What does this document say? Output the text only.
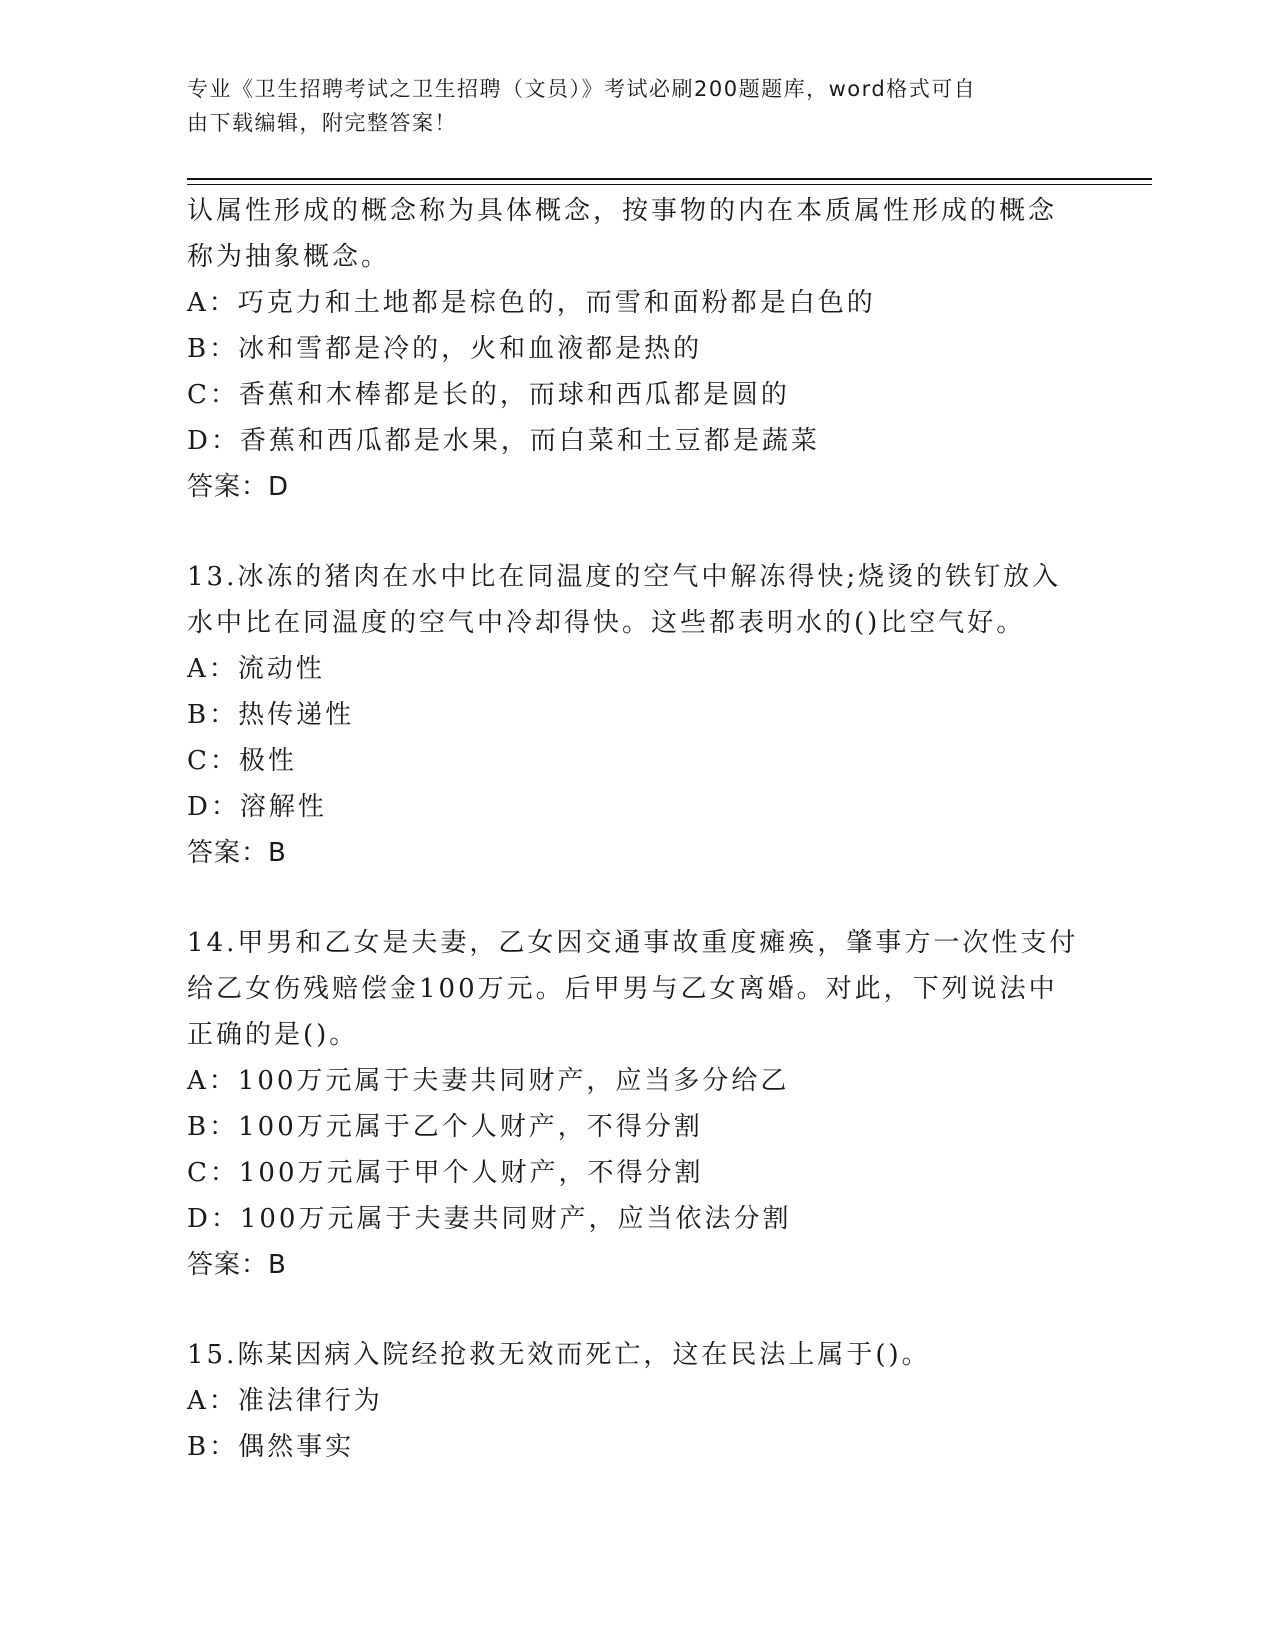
专业《卫生招聘考试之卫生招聘（文员）》考试必刷200题题库，word格式可自
由下载编辑，附完整答案！
认属性形成的概念称为具体概念，按事物的内在本质属性形成的概念
称为抽象概念。
A：巧克力和土地都是棕色的，而雪和面粉都是白色的
B：冰和雪都是冷的，火和血液都是热的
C：香蕉和木棒都是长的，而球和西瓜都是圆的
D：香蕉和西瓜都是水果，而白菜和土豆都是蔬菜
答案：D
13.冰冻的猪肉在水中比在同温度的空气中解冻得快;烧烫的铁钉放入
水中比在同温度的空气中冷却得快。这些都表明水的()比空气好。
A：流动性
B：热传递性
C：极性
D：溶解性
答案：B
14.甲男和乙女是夫妻，乙女因交通事故重度瘫痪，肇事方一次性支付
给乙女伤残赔偿金100万元。后甲男与乙女离婚。对此，下列说法中
正确的是()。
A：100万元属于夫妻共同财产，应当多分给乙
B：100万元属于乙个人财产，不得分割
C：100万元属于甲个人财产，不得分割
D：100万元属于夫妻共同财产，应当依法分割
答案：B
15.陈某因病入院经抢救无效而死亡，这在民法上属于()。
A：准法律行为
B：偶然事实
